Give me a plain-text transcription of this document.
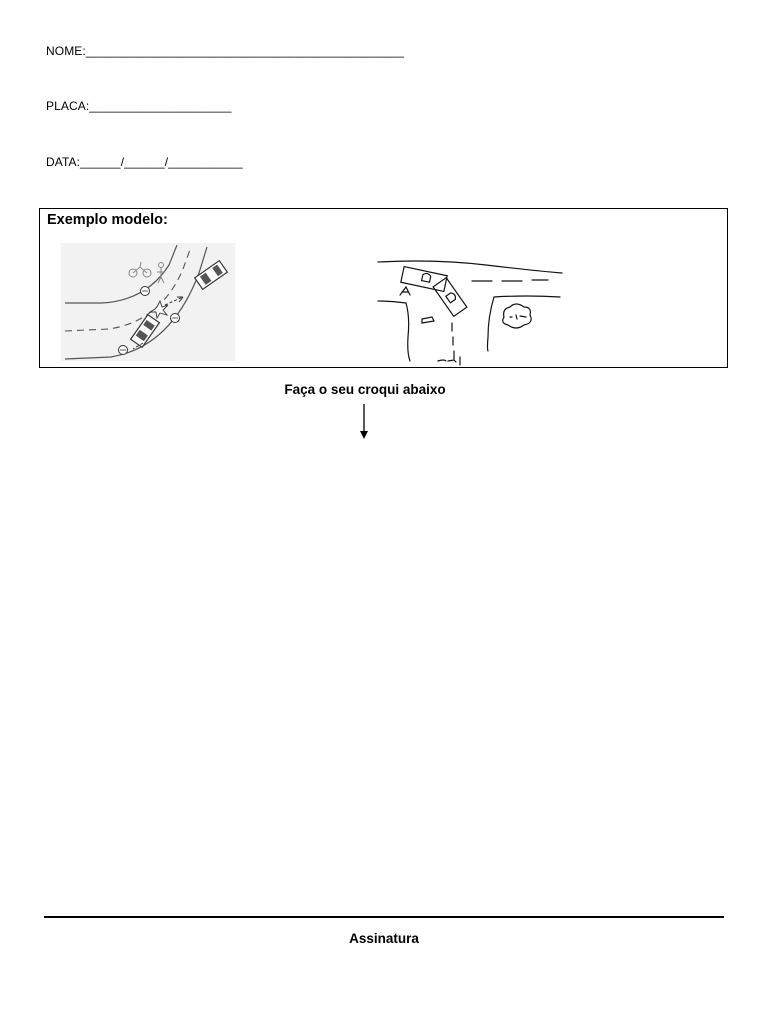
NOME:_______________________________________________
PLACA:_____________________
DATA:______/______/___________
Exemplo modelo:
Faça o seu croqui abaixo
Assinatura
